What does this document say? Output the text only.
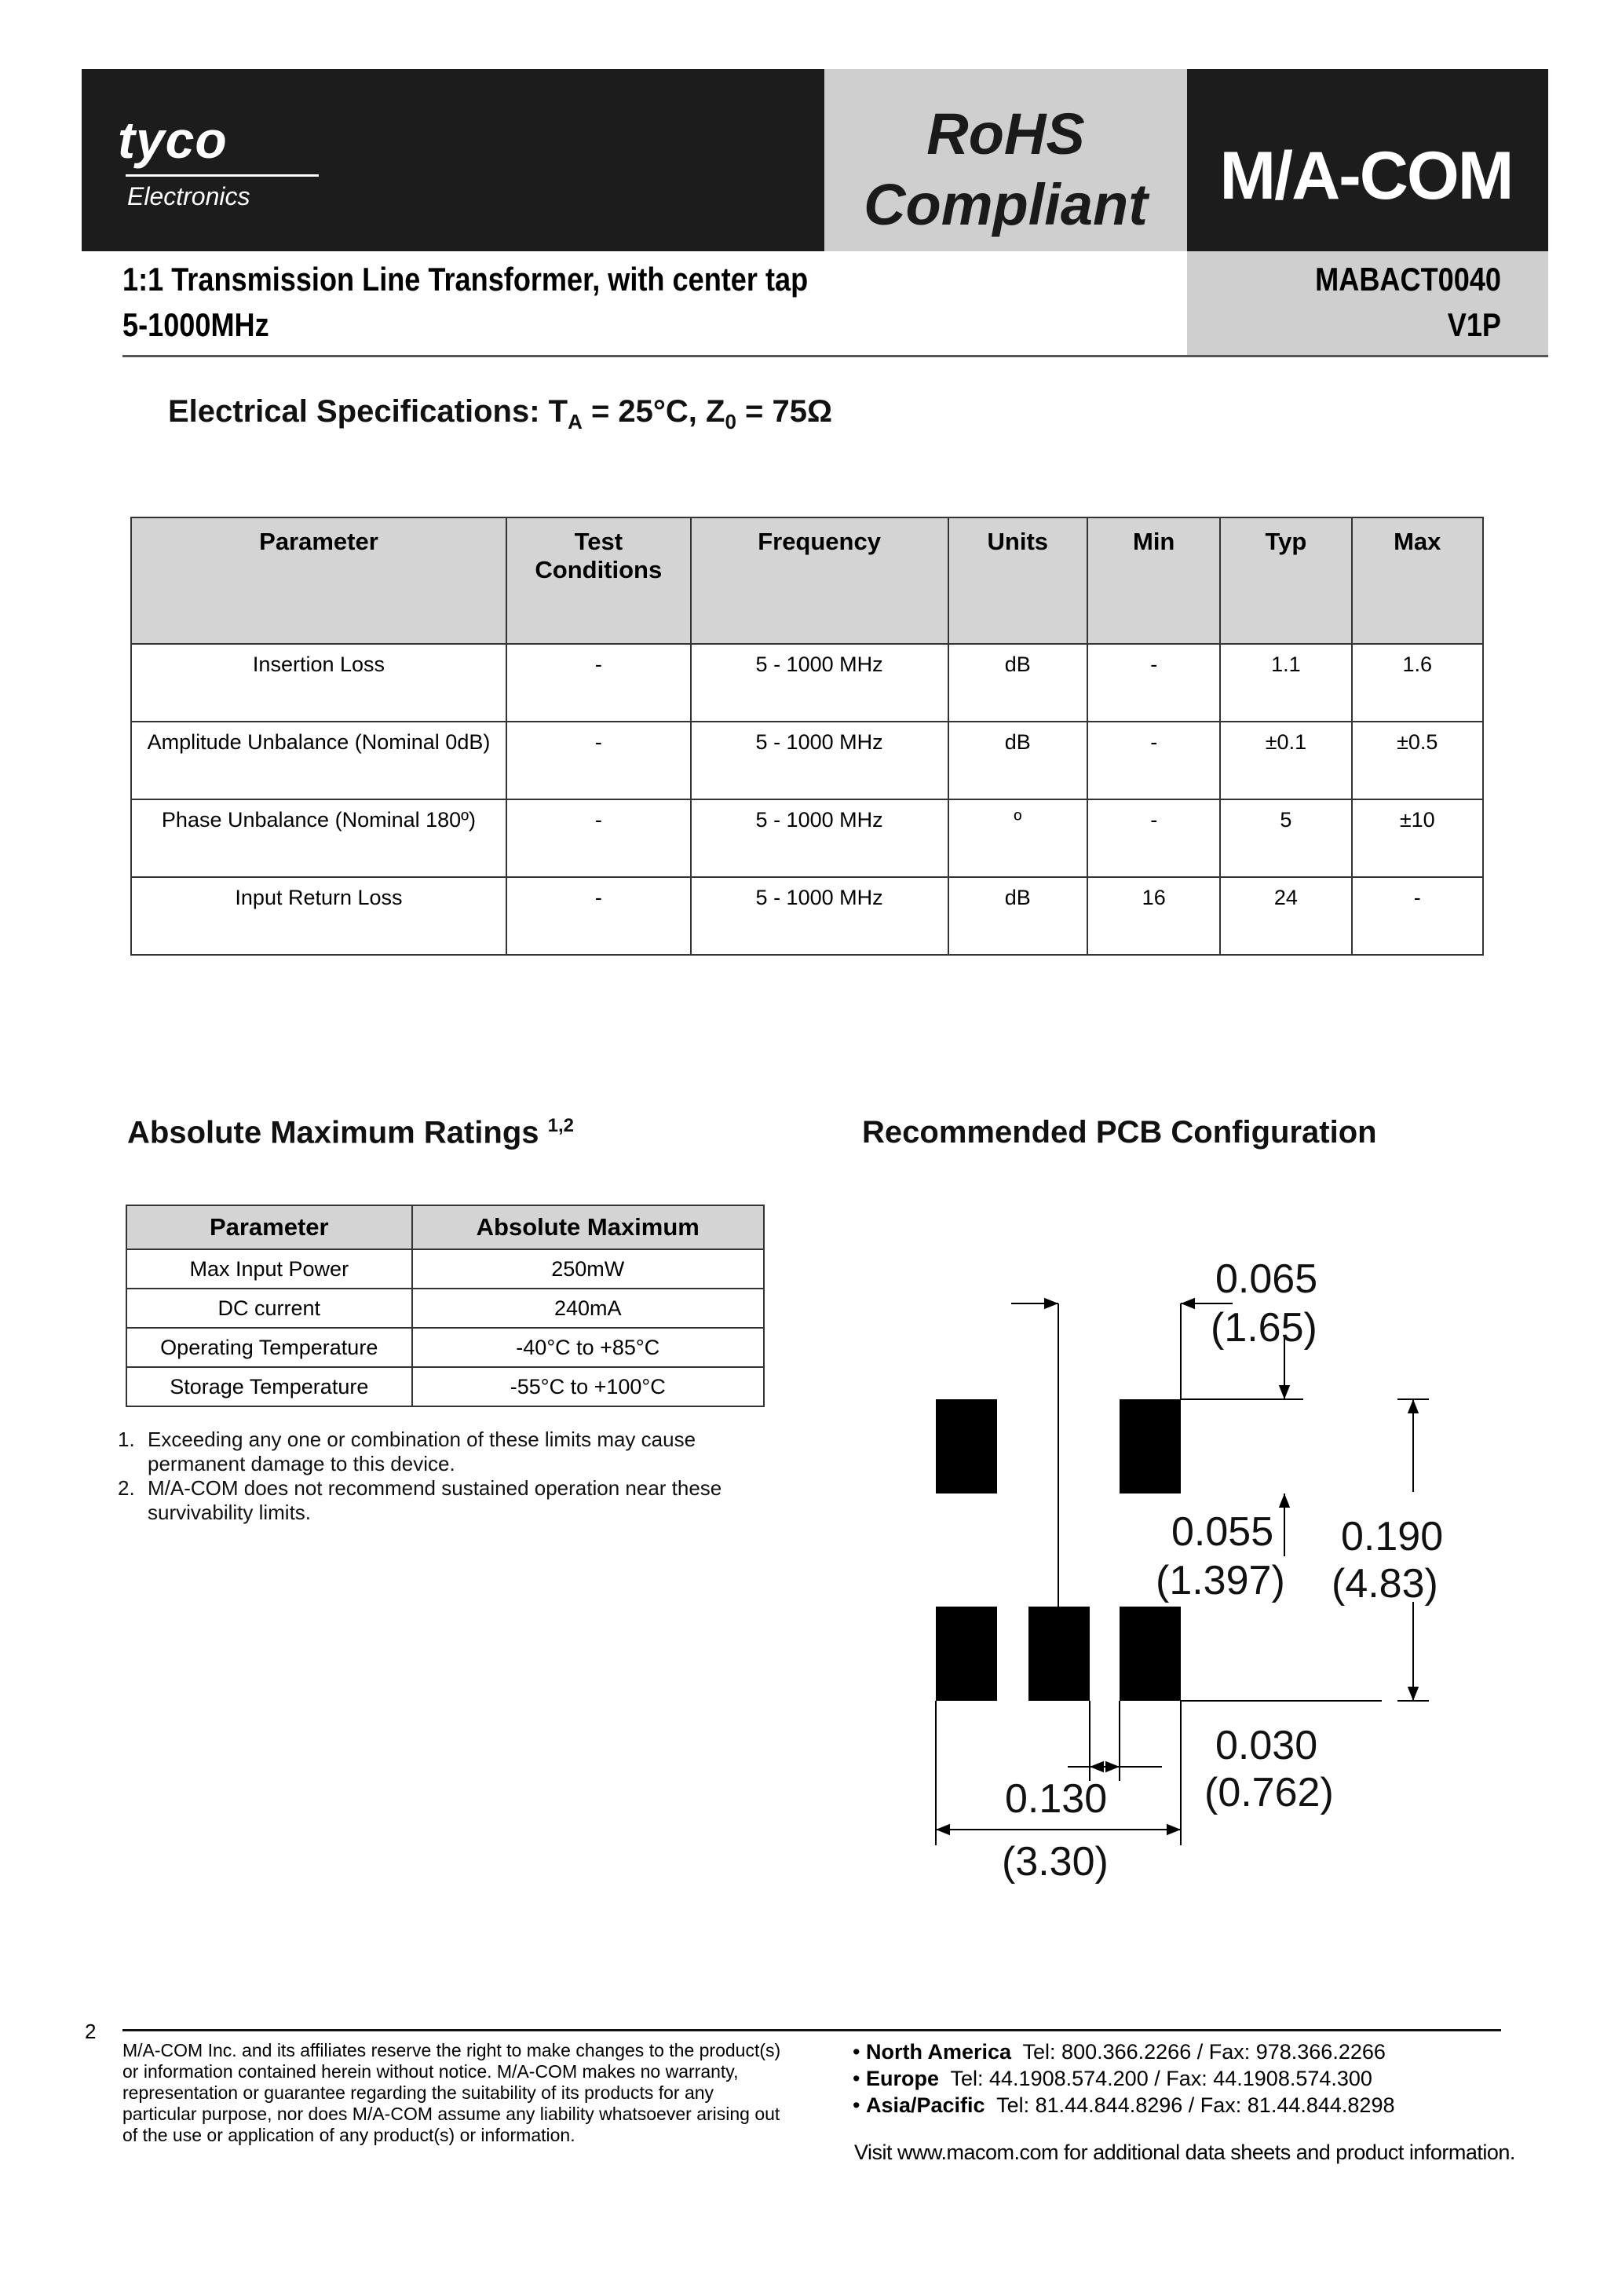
tyco
Electronics
RoHS
Compliant	M/A-COM
1:1 Transmission Line Transformer, with center tap
5-1000MHz
MABACT0040
V1P
Electrical Specifications: $T_A = 25^\circ C$, $Z_0 = 75\Omega$
Parameter	Test Conditions	Frequency	Units	Min	Typ	Max
Insertion Loss	-	5 - 1000 MHz	dB	-	1.1	1.6
Amplitude Unbalance (Nominal 0dB)	-	5 - 1000 MHz	dB	-	±0.1	±0.5
Phase Unbalance (Nominal 180º)	-	5 - 1000 MHz	º	-	5	±10
Input Return Loss	-	5 - 1000 MHz	dB	16	24	-
Absolute Maximum Ratings $^{1,2}$	Recommended PCB Configuration
Parameter	Absolute Maximum
Max Input Power	250mW
DC current	240mA
Operating Temperature	-40°C to +85°C
Storage Temperature	-55°C to +100°C
1. Exceeding any one or combination of these limits may cause permanent damage to this device.
2. M/A-COM does not recommend sustained operation near these survivability limits.
0.065
(1.65)
0.055
(1.397)
0.190
(4.83)
0.030
(0.762)
0.130
(3.30)
2
M/A-COM Inc. and its affiliates reserve the right to make changes to the product(s) or information contained herein without notice. M/A-COM makes no warranty, representation or guarantee regarding the suitability of its products for any particular purpose, nor does M/A-COM assume any liability whatsoever arising out of the use or application of any product(s) or information.
• North America Tel: 800.366.2266 / Fax: 978.366.2266
• Europe Tel: 44.1908.574.200 / Fax: 44.1908.574.300
• Asia/Pacific Tel: 81.44.844.8296 / Fax: 81.44.844.8298
Visit www.macom.com for additional data sheets and product information.
